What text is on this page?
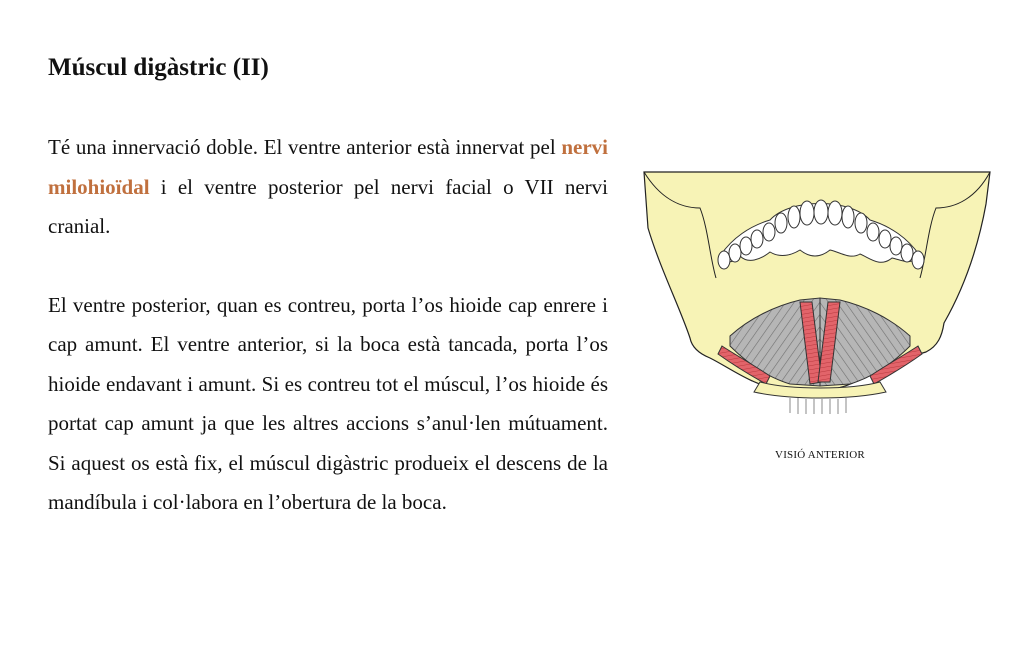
Múscul digàstric (II)

Té una innervació doble. El ventre anterior està innervat pel nervi milohioïdal i el ventre posterior pel nervi facial o VII nervi cranial.

El ventre posterior, quan es contreu, porta l’os hioide cap enrere i cap amunt. El ventre anterior, si la boca està tancada, porta l’os hioide endavant i amunt. Si es contreu tot el múscul, l’os hioide és portat cap amunt ja que les altres accions s’anul·len mútuament. Si aquest os està fix, el múscul digàstric produeix el descens de la mandíbula i col·labora en l’obertura de la boca.

VISIÓ ANTERIOR
